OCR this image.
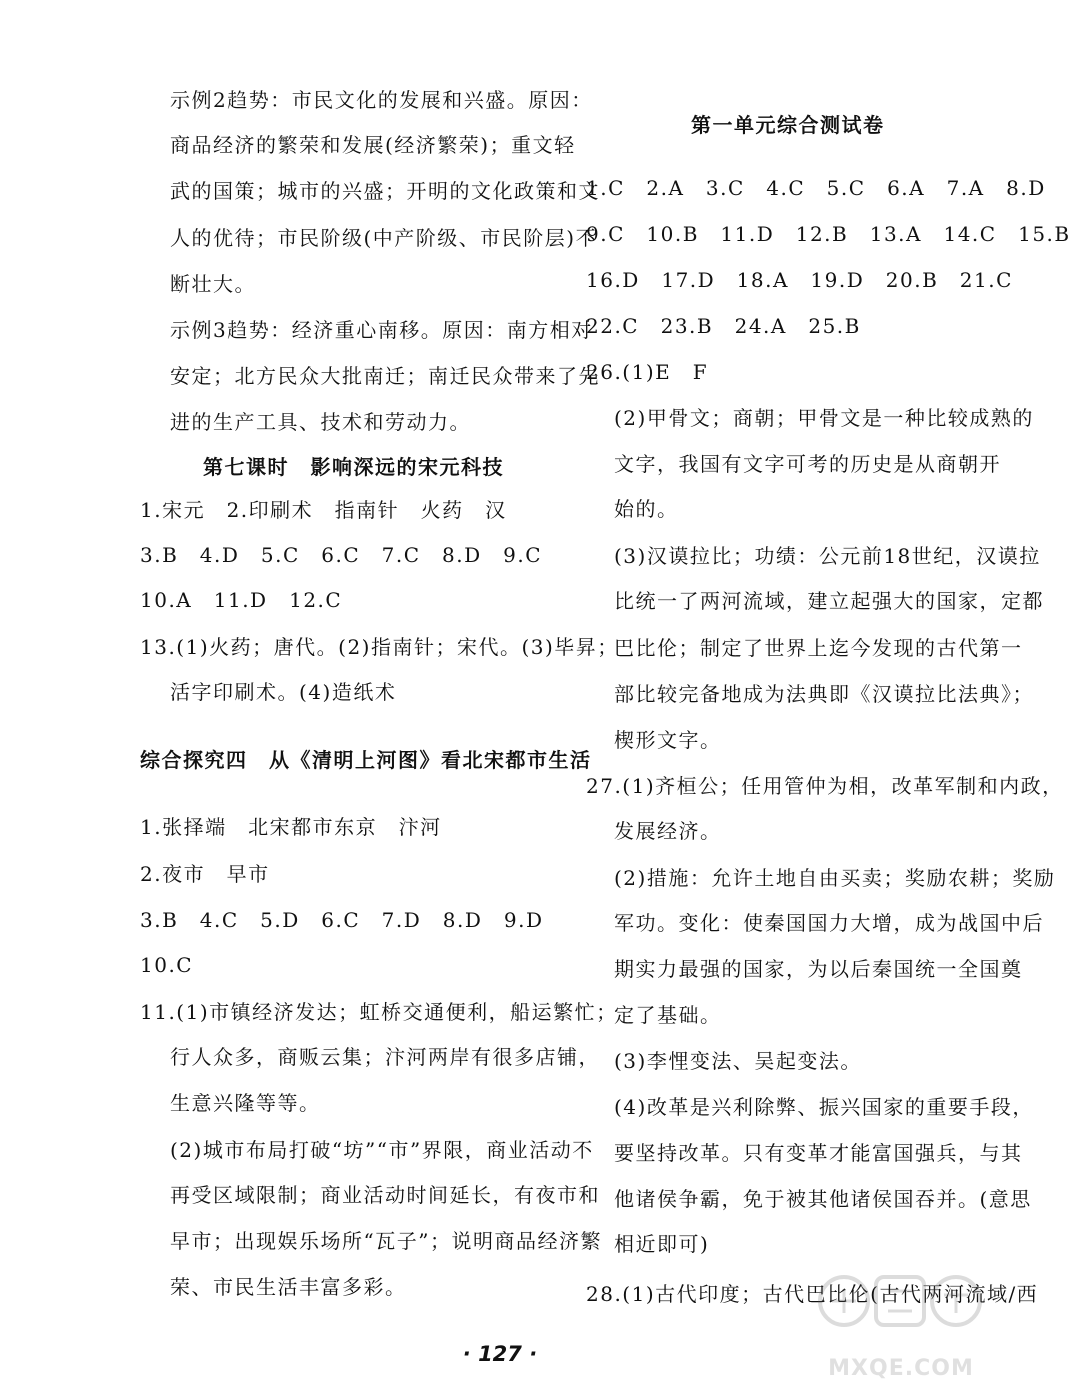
示例2趋势：市民文化的发展和兴盛。原因：
商品经济的繁荣和发展(经济繁荣)；重文轻
武的国策；城市的兴盛；开明的文化政策和文
人的优待；市民阶级(中产阶级、市民阶层)不
断壮大。
示例3趋势：经济重心南移。原因：南方相对
安定；北方民众大批南迁；南迁民众带来了先
进的生产工具、技术和劳动力。
第七课时　影响深远的宋元科技
1.宋元　2.印刷术　指南针　火药　汉
3.B　4.D　5.C　6.C　7.C　8.D　9.C
10.A　11.D　12.C
13.(1)火药；唐代。(2)指南针；宋代。(3)毕昇；
活字印刷术。(4)造纸术
综合探究四　从《清明上河图》看北宋都市生活
1.张择端　北宋都市东京　汴河
2.夜市　早市
3.B　4.C　5.D　6.C　7.D　8.D　9.D
10.C
11.(1)市镇经济发达；虹桥交通便利，船运繁忙；
行人众多，商贩云集；汴河两岸有很多店铺，
生意兴隆等等。
(2)城市布局打破“坊”“市”界限，商业活动不
再受区域限制；商业活动时间延长，有夜市和
早市；出现娱乐场所“瓦子”；说明商品经济繁
荣、市民生活丰富多彩。
第一单元综合测试卷
1.C　2.A　3.C　4.C　5.C　6.A　7.A　8.D
9.C　10.B　11.D　12.B　13.A　14.C　15.B
16.D　17.D　18.A　19.D　20.B　21.C
22.C　23.B　24.A　25.B
26.(1)E　F
(2)甲骨文；商朝；甲骨文是一种比较成熟的
文字，我国有文字可考的历史是从商朝开
始的。
(3)汉谟拉比；功绩：公元前18世纪，汉谟拉
比统一了两河流域，建立起强大的国家，定都
巴比伦；制定了世界上迄今发现的古代第一
部比较完备地成为法典即《汉谟拉比法典》；
楔形文字。
27.(1)齐桓公；任用管仲为相，改革军制和内政，
发展经济。
(2)措施：允许土地自由买卖；奖励农耕；奖励
军功。变化：使秦国国力大增，成为战国中后
期实力最强的国家，为以后秦国统一全国奠
定了基础。
(3)李悝变法、吴起变法。
(4)改革是兴利除弊、振兴国家的重要手段，
要坚持改革。只有变革才能富国强兵，与其
他诸侯争霸，免于被其他诸侯国吞并。(意思
相近即可)
28.(1)古代印度；古代巴比伦(古代两河流域/西
· 127 ·
MXQE.COM
